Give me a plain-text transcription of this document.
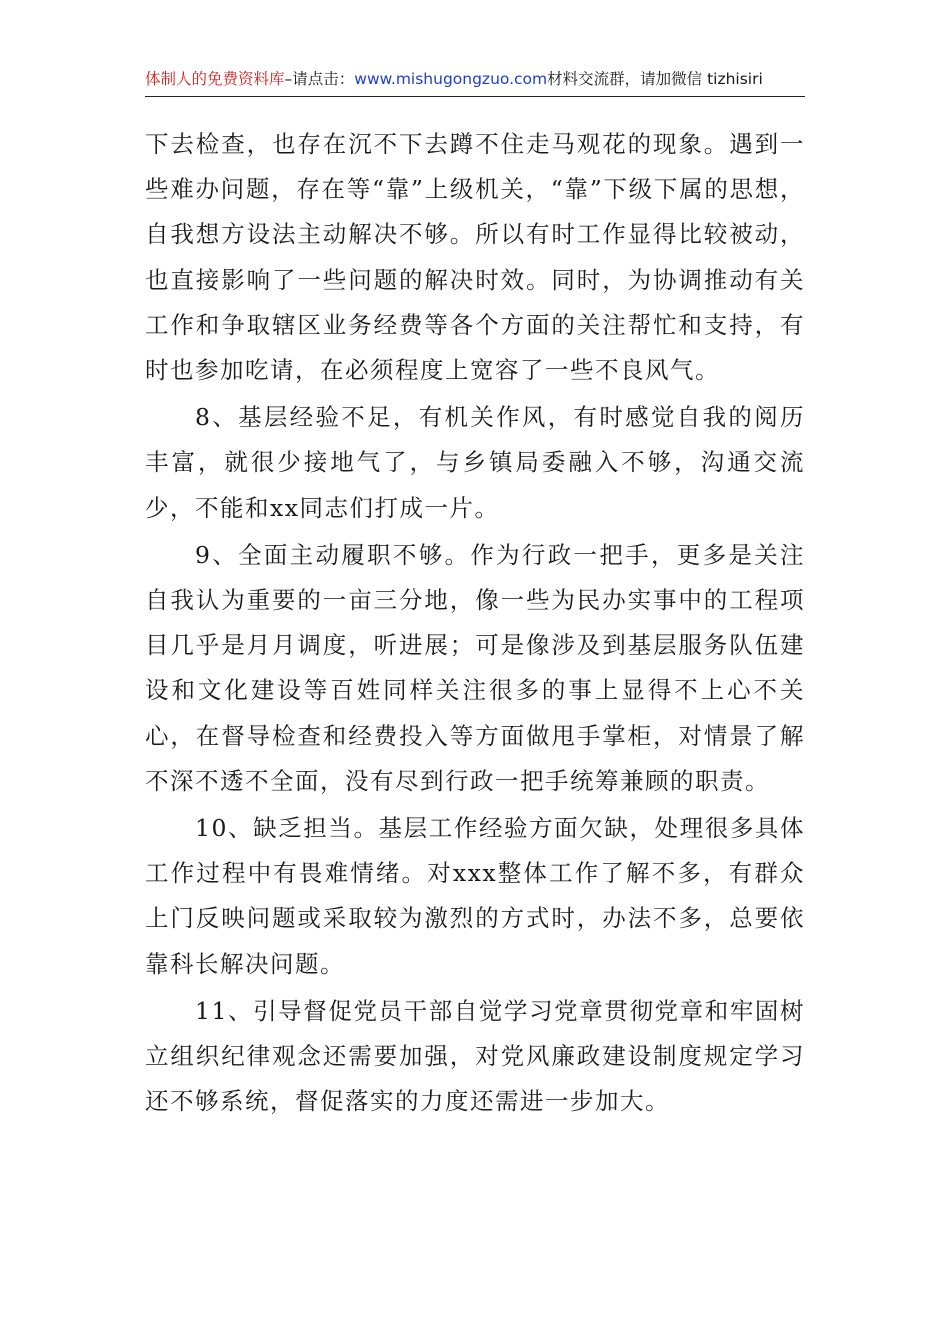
体制人的免费资料库–请点击：www.mishugongzuo.com材料交流群，请加微信 tizhisiri

下去检查，也存在沉不下去蹲不住走马观花的现象。遇到一些难办问题，存在等“靠”上级机关，“靠”下级下属的思想，自我想方设法主动解决不够。所以有时工作显得比较被动，也直接影响了一些问题的解决时效。同时，为协调推动有关工作和争取辖区业务经费等各个方面的关注帮忙和支持，有时也参加吃请，在必须程度上宽容了一些不良风气。

8、基层经验不足，有机关作风，有时感觉自我的阅历丰富，就很少接地气了，与乡镇局委融入不够，沟通交流少，不能和xx同志们打成一片。

9、全面主动履职不够。作为行政一把手，更多是关注自我认为重要的一亩三分地，像一些为民办实事中的工程项目几乎是月月调度，听进展；可是像涉及到基层服务队伍建设和文化建设等百姓同样关注很多的事上显得不上心不关心，在督导检查和经费投入等方面做甩手掌柜，对情景了解不深不透不全面，没有尽到行政一把手统筹兼顾的职责。

10、缺乏担当。基层工作经验方面欠缺，处理很多具体工作过程中有畏难情绪。对xxx整体工作了解不多，有群众上门反映问题或采取较为激烈的方式时，办法不多，总要依靠科长解决问题。

11、引导督促党员干部自觉学习党章贯彻党章和牢固树立组织纪律观念还需要加强，对党风廉政建设制度规定学习还不够系统，督促落实的力度还需进一步加大。
